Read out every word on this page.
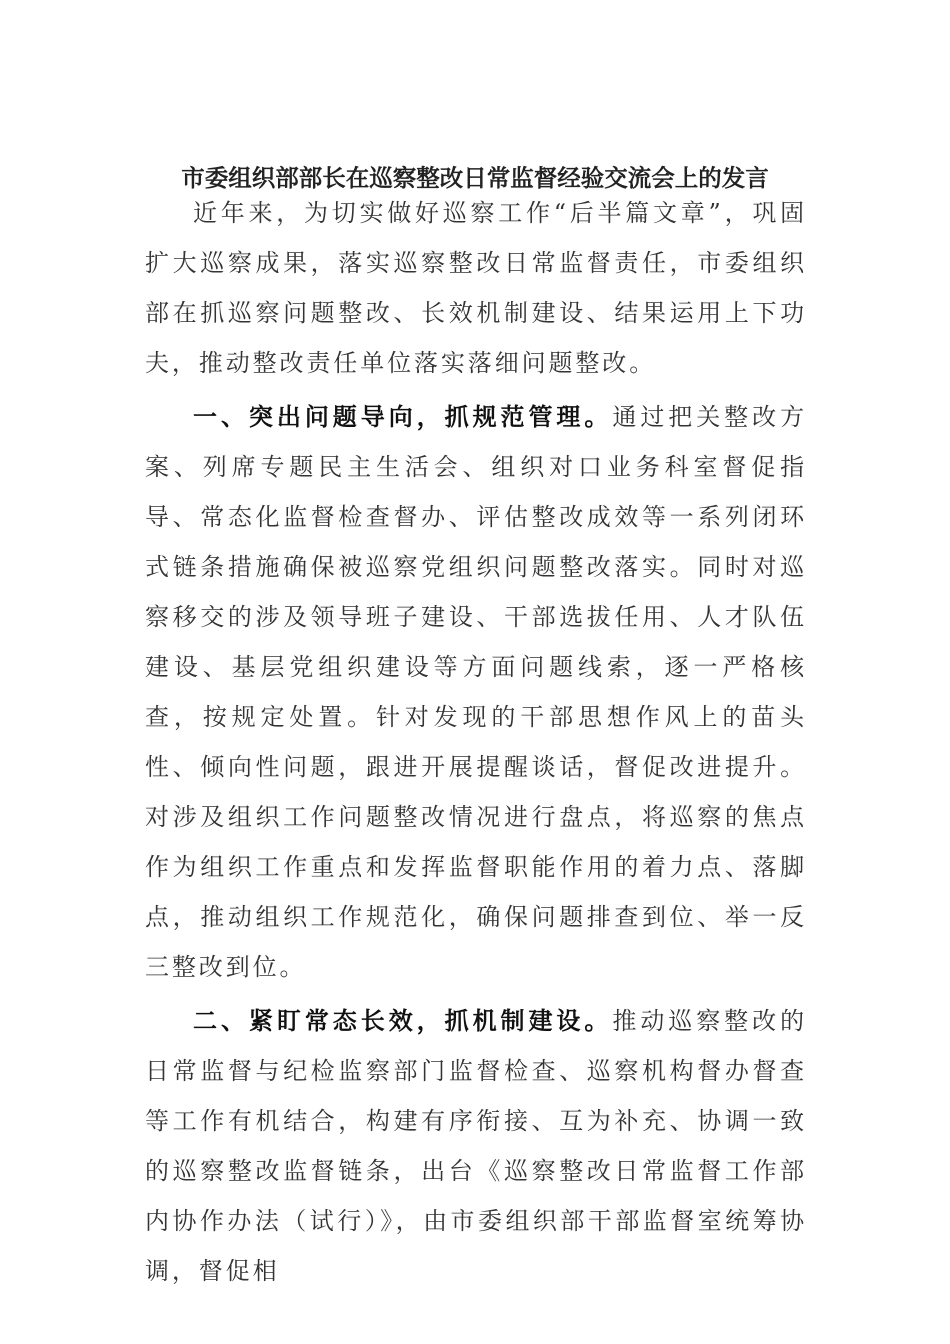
市委组织部部长在巡察整改日常监督经验交流会上的发言

近年来，为切实做好巡察工作“后半篇文章”，巩固扩大巡察成果，落实巡察整改日常监督责任，市委组织部在抓巡察问题整改、长效机制建设、结果运用上下功夫，推动整改责任单位落实落细问题整改。

一、突出问题导向，抓规范管理。通过把关整改方案、列席专题民主生活会、组织对口业务科室督促指导、常态化监督检查督办、评估整改成效等一系列闭环式链条措施确保被巡察党组织问题整改落实。同时对巡察移交的涉及领导班子建设、干部选拔任用、人才队伍建设、基层党组织建设等方面问题线索，逐一严格核查，按规定处置。针对发现的干部思想作风上的苗头性、倾向性问题，跟进开展提醒谈话，督促改进提升。对涉及组织工作问题整改情况进行盘点，将巡察的焦点作为组织工作重点和发挥监督职能作用的着力点、落脚点，推动组织工作规范化，确保问题排查到位、举一反三整改到位。

二、紧盯常态长效，抓机制建设。推动巡察整改的日常监督与纪检监察部门监督检查、巡察机构督办督查等工作有机结合，构建有序衔接、互为补充、协调一致的巡察整改监督链条，出台《巡察整改日常监督工作部内协作办法（试行）》，由市委组织部干部监督室统筹协调，督促相
